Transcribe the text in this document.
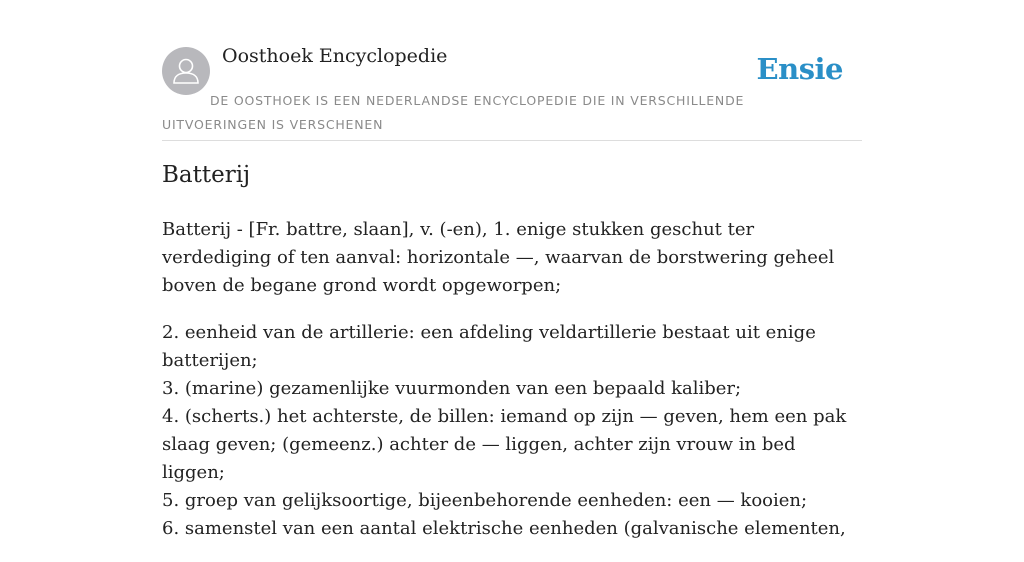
Oosthoek Encyclopedie	Ensie
DE OOSTHOEK IS EEN NEDERLANDSE ENCYCLOPEDIE DIE IN VERSCHILLENDE UITVOERINGEN IS VERSCHENEN
Batterij

Batterij - [Fr. battre, slaan], v. (-en), 1. enige stukken geschut ter verdediging of ten aanval: horizontale —, waarvan de borstwering geheel boven de begane grond wordt opgeworpen;

2. eenheid van de artillerie: een afdeling veldartillerie bestaat uit enige batterijen;
3. (marine) gezamenlijke vuurmonden van een bepaald kaliber;
4. (scherts.) het achterste, de billen: iemand op zijn — geven, hem een pak slaag geven; (gemeenz.) achter de — liggen, achter zijn vrouw in bed liggen;
5. groep van gelijksoortige, bijeenbehorende eenheden: een — kooien;
6. samenstel van een aantal elektrische eenheden (galvanische elementen,
